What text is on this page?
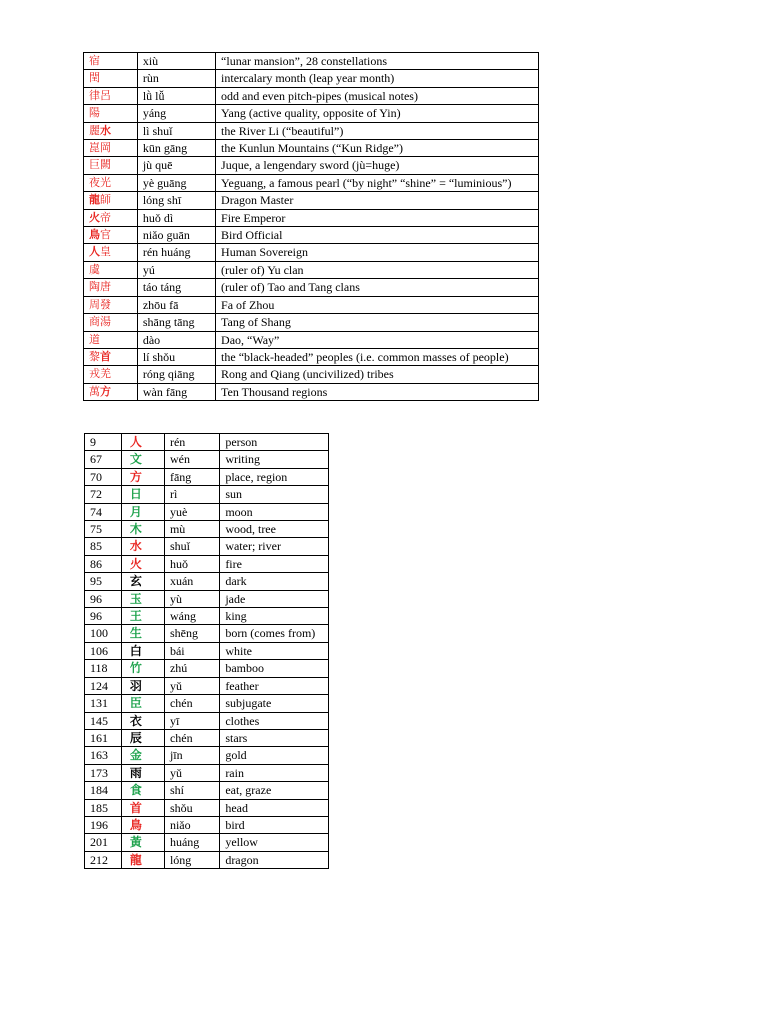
宿	xiù	“lunar mansion”, 28 constellations
閏	rùn	intercalary month (leap year month)
律呂	lǜ lǚ	odd and even pitch-pipes (musical notes)
陽	yáng	Yang (active quality, opposite of Yin)
麗水	lì shuǐ	the River Li (“beautiful”)
崑岡	kūn gāng	the Kunlun Mountains (“Kun Ridge”)
巨闕	jù quē	Juque, a lengendary sword (jù=huge)
夜光	yè guāng	Yeguang, a famous pearl (“by night” “shine” = “luminious”)
龍師	lóng shī	Dragon Master
火帝	huǒ dì	Fire Emperor
鳥官	niǎo guān	Bird Official
人皇	rén huáng	Human Sovereign
虞	yú	(ruler of) Yu clan
陶唐	táo táng	(ruler of) Tao and Tang clans
周發	zhōu fā	Fa of Zhou
商湯	shāng tāng	Tang of Shang
道	dào	Dao, “Way”
黎首	lí shǒu	the “black-headed” peoples (i.e. common masses of people)
戎羌	róng qiāng	Rong and Qiang (uncivilized) tribes
萬方	wàn fāng	Ten Thousand regions
9	人	rén	person
67	文	wén	writing
70	方	fāng	place, region
72	日	rì	sun
74	月	yuè	moon
75	木	mù	wood, tree
85	水	shuǐ	water; river
86	火	huǒ	fire
95	玄	xuán	dark
96	玉	yù	jade
96	王	wáng	king
100	生	shēng	born (comes from)
106	白	bái	white
118	竹	zhú	bamboo
124	羽	yǔ	feather
131	臣	chén	subjugate
145	衣	yī	clothes
161	辰	chén	stars
163	金	jīn	gold
173	雨	yǔ	rain
184	食	shí	eat, graze
185	首	shǒu	head
196	鳥	niǎo	bird
201	黃	huáng	yellow
212	龍	lóng	dragon
